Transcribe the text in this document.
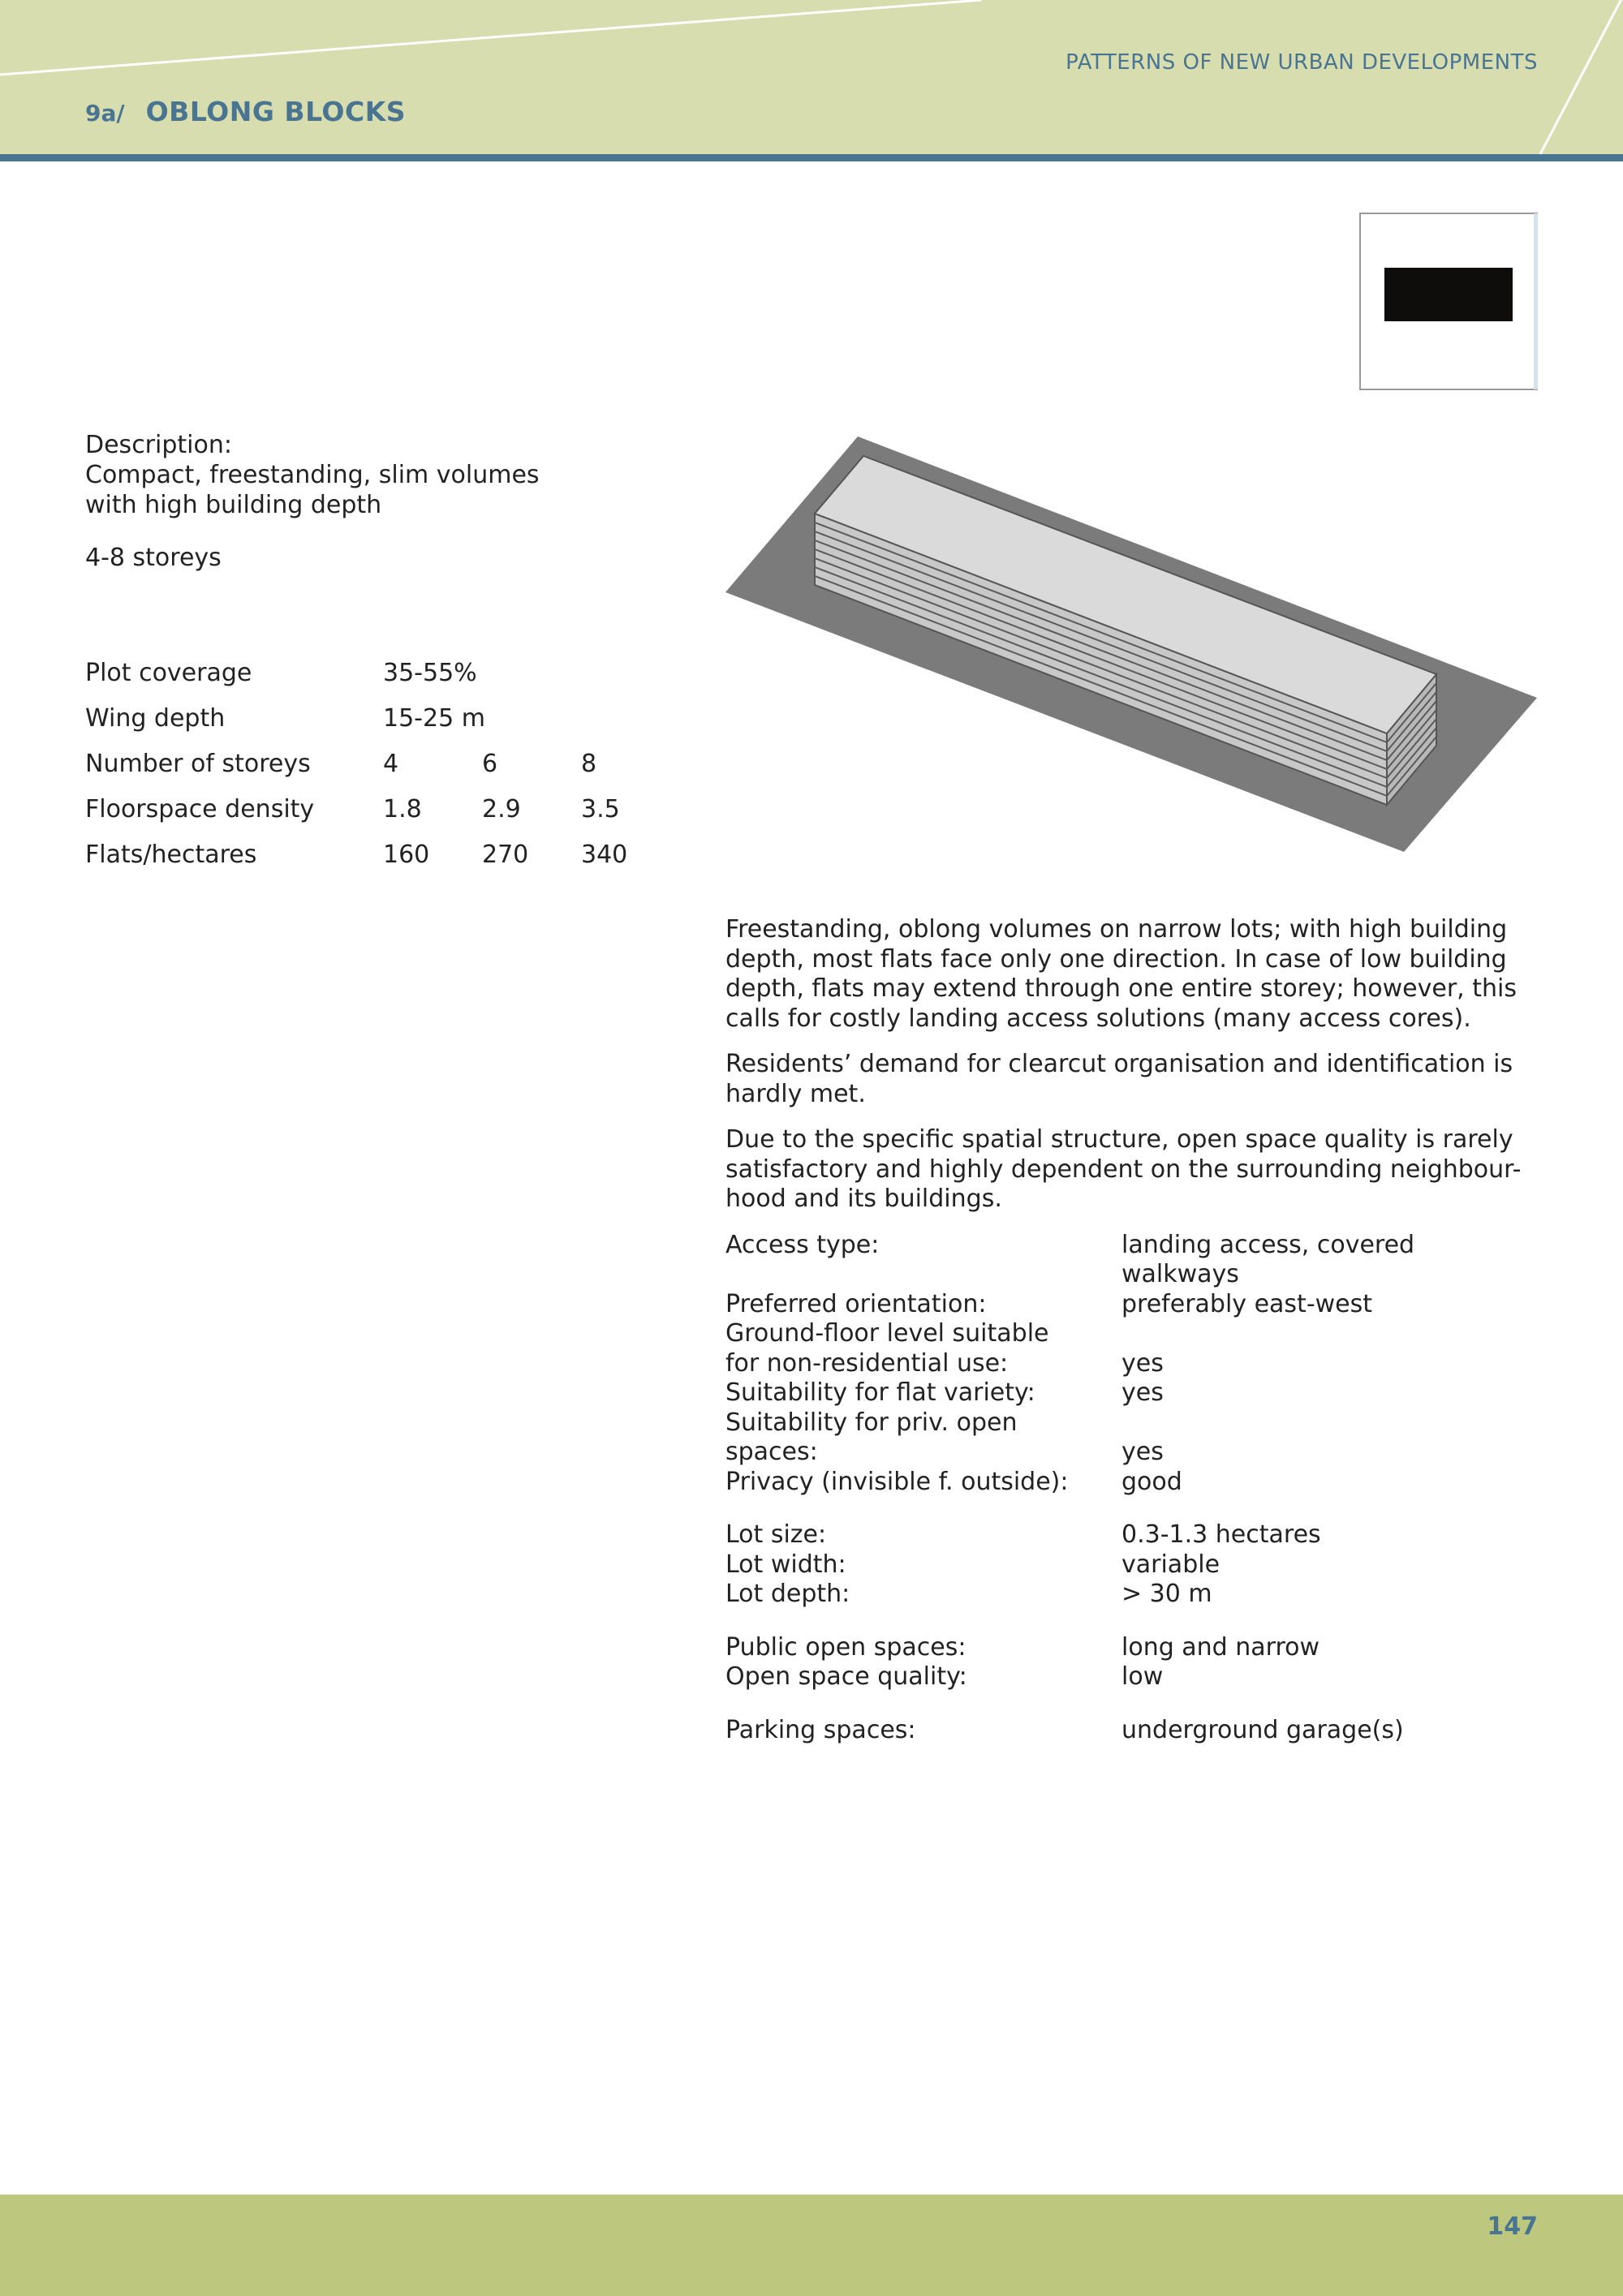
PATTERNS OF NEW URBAN DEVELOPMENTS
9a/ OBLONG BLOCKS

Description:

Compact, freestanding, slim volumes

with high building depth

4-8 storeys

Plot coverage	35-55%
Wing depth	15-25 m
Number of storeys	4	6	8
Floorspace density	1.8	2.9	3.5
Flats/hectares	160	270	340

Freestanding, oblong volumes on narrow lots; with high building depth, most flats face only one direction. In case of low building depth, flats may extend through one entire storey; however, this calls for costly landing access solutions (many access cores).

Residents’ demand for clearcut organisation and identification is hardly met.

Due to the specific spatial structure, open space quality is rarely
satisfactory and highly dependent on the surrounding neighbour-
hood and its buildings.

Access type:	landing access, covered
walkways
Preferred orientation:	preferably east-west
Ground-floor level suitable
for non-residential use:	yes
Suitability for flat variety:	yes
Suitability for priv. open
spaces:	yes
Privacy (invisible f. outside):	good
Lot size:	0.3-1.3 hectares
Lot width:	variable
Lot depth:	> 30 m
Public open spaces:	long and narrow
Open space quality:	low
Parking spaces:	underground garage(s)
147
